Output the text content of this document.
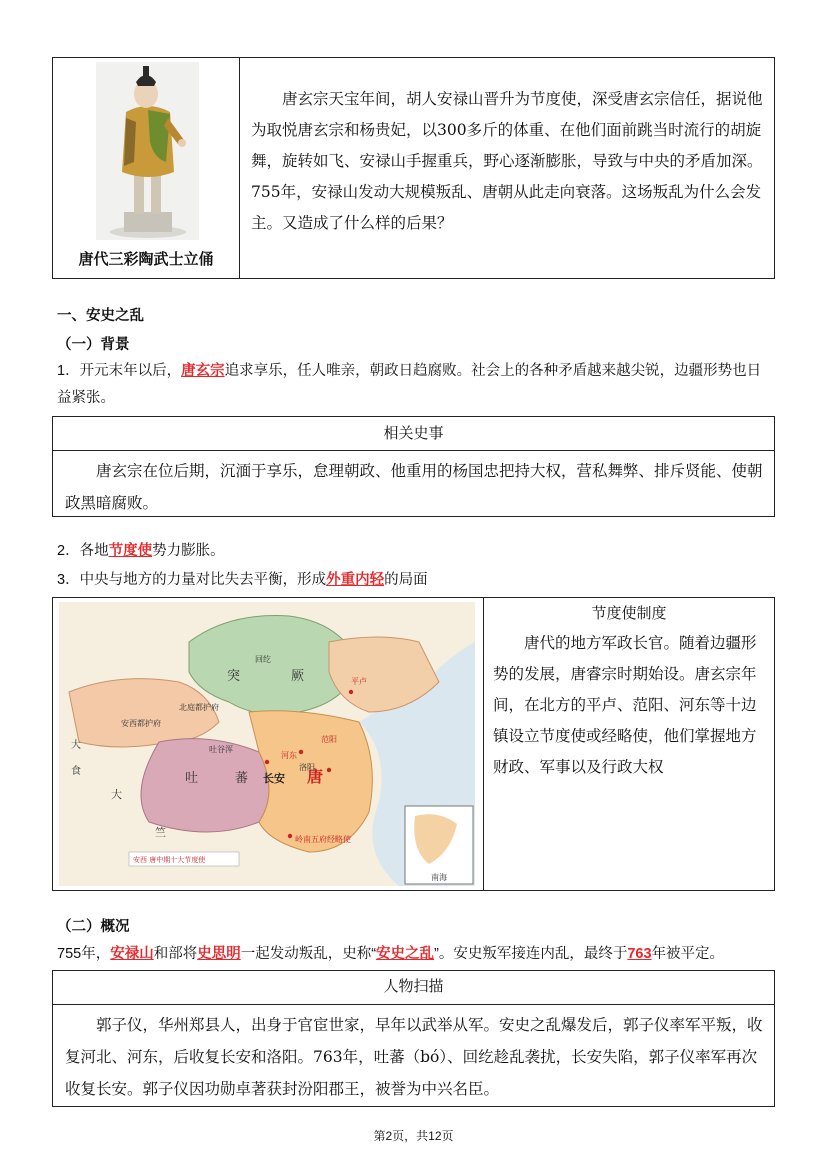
唐代三彩陶武士立俑
唐玄宗天宝年间，胡人安禄山晋升为节度使，深受唐玄宗信任，据说他为取悦唐玄宗和杨贵妃，以300多斤的体重、在他们面前跳当时流行的胡旋舞，旋转如飞、安禄山手握重兵，野心逐渐膨胀，导致与中央的矛盾加深。755年，安禄山发动大规模叛乱、唐朝从此走向衰落。这场叛乱为什么会发主。又造成了什么样的后果？
一、安史之乱
（一）背景
1．开元末年以后，唐玄宗追求享乐，任人唯亲，朝政日趋腐败。社会上的各种矛盾越来越尖锐，边疆形势也日益紧张。
相关史事
唐玄宗在位后期，沉湎于享乐，怠理朝政、他重用的杨国忠把持大权，营私舞弊、排斥贤能、使朝政黑暗腐败。
2．各地节度使势力膨胀。
3．中央与地方的力量对比失去平衡，形成外重内轻的局面
大
食
大
竺
突	厥
吐	蕃	唐
长安
南海
回纥
安西都护府
北庭都护府
范阳
平卢
河东
洛阳
岭南五府经略使
吐谷浑
安西 唐中期十大节度使
节度使制度
唐代的地方军政长官。随着边疆形势的发展，唐睿宗时期始设。唐玄宗年间，在北方的平卢、范阳、河东等十边镇设立节度使或经略使，他们掌握地方财政、军事以及行政大权
（二）概况
755年，安禄山和部将史思明一起发动叛乱，史称“安史之乱”。安史叛军接连内乱，最终于763年被平定。
人物扫描
郭子仪，华州郑县人，出身于官宦世家，早年以武举从军。安史之乱爆发后，郭子仪率军平叛，收复河北、河东，后收复长安和洛阳。763年，吐蕃（bó）、回纥趁乱袭扰，长安失陷，郭子仪率军再次收复长安。郭子仪因功勋卓著获封汾阳郡王，被誉为中兴名臣。
第2页，共12页
